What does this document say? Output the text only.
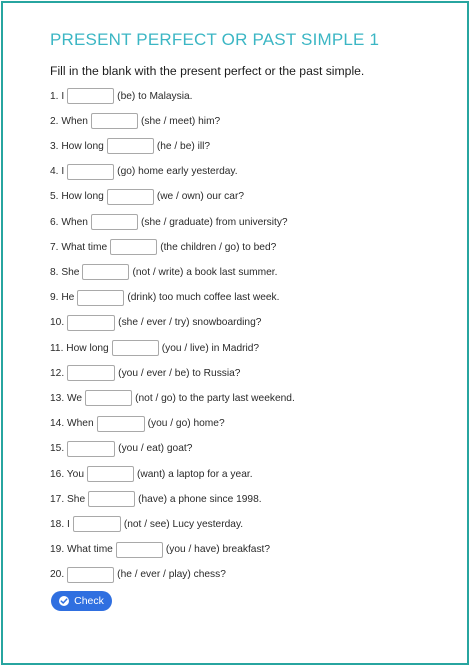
PRESENT PERFECT OR PAST SIMPLE 1
Fill in the blank with the present perfect or the past simple.
1. I	(be) to Malaysia.
2. When	(she / meet) him?
3. How long	(he / be) ill?
4. I	(go) home early yesterday.
5. How long	(we / own) our car?
6. When	(she / graduate) from university?
7. What time	(the children / go) to bed?
8. She	(not / write) a book last summer.
9. He	(drink) too much coffee last week.
10.	(she / ever / try) snowboarding?
11. How long	(you / live) in Madrid?
12.	(you / ever / be) to Russia?
13. We	(not / go) to the party last weekend.
14. When	(you / go) home?
15.	(you / eat) goat?
16. You	(want) a laptop for a year.
17. She	(have) a phone since 1998.
18. I	(not / see) Lucy yesterday.
19. What time	(you / have) breakfast?
20.	(he / ever / play) chess?
Check
